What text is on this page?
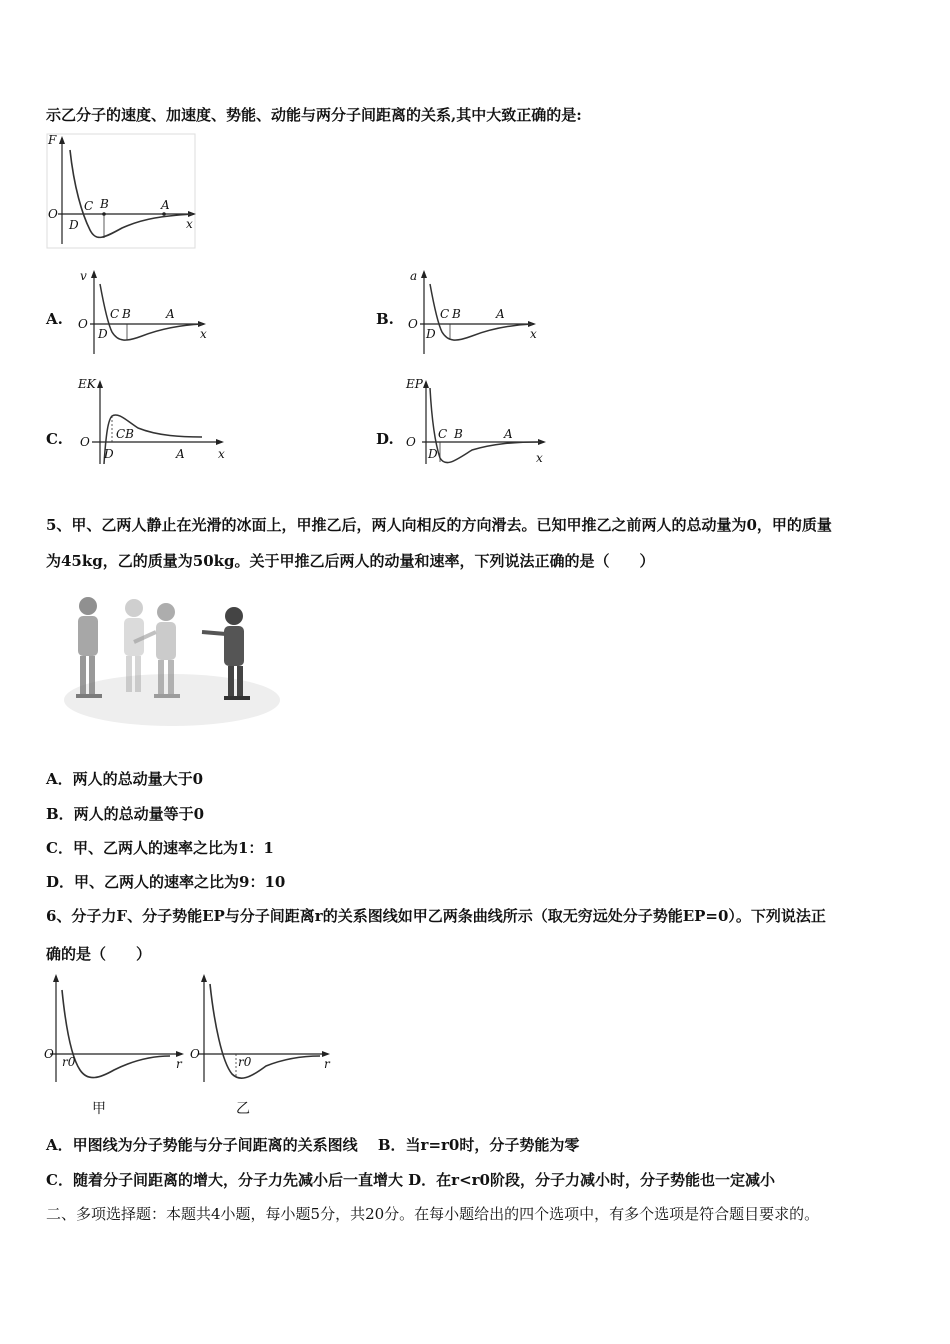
示乙分子的速度、加速度、势能、动能与两分子间距离的关系,其中大致正确的是:
F
O
C B	A
D	x
A.
v
O
C B	A
D	x
B.
a
O
C B	A
D	x
C.
EK
O
CB
A
D	x
D.
EP
O
C B	A
D	x
5、甲、乙两人静止在光滑的冰面上，甲推乙后，两人向相反的方向滑去。已知甲推乙之前两人的总动量为0，甲的质量
为45kg，乙的质量为50kg。关于甲推乙后两人的动量和速率，下列说法正确的是（　　）
A．两人的总动量大于0
B．两人的总动量等于0
C．甲、乙两人的速率之比为1：1
D．甲、乙两人的速率之比为9：10
6、分子力F、分子势能EP与分子间距离r的关系图线如甲乙两条曲线所示（取无穷远处分子势能EP=0）。下列说法正
确的是（　　）
O
r0	r
甲
O
r0	r
乙
A．甲图线为分子势能与分子间距离的关系图线　 B．当r=r0时，分子势能为零
C．随着分子间距离的增大，分子力先减小后一直增大 D．在r<r0阶段，分子力减小时，分子势能也一定减小
二、多项选择题：本题共4小题，每小题5分，共20分。在每小题给出的四个选项中，有多个选项是符合题目要求的。
